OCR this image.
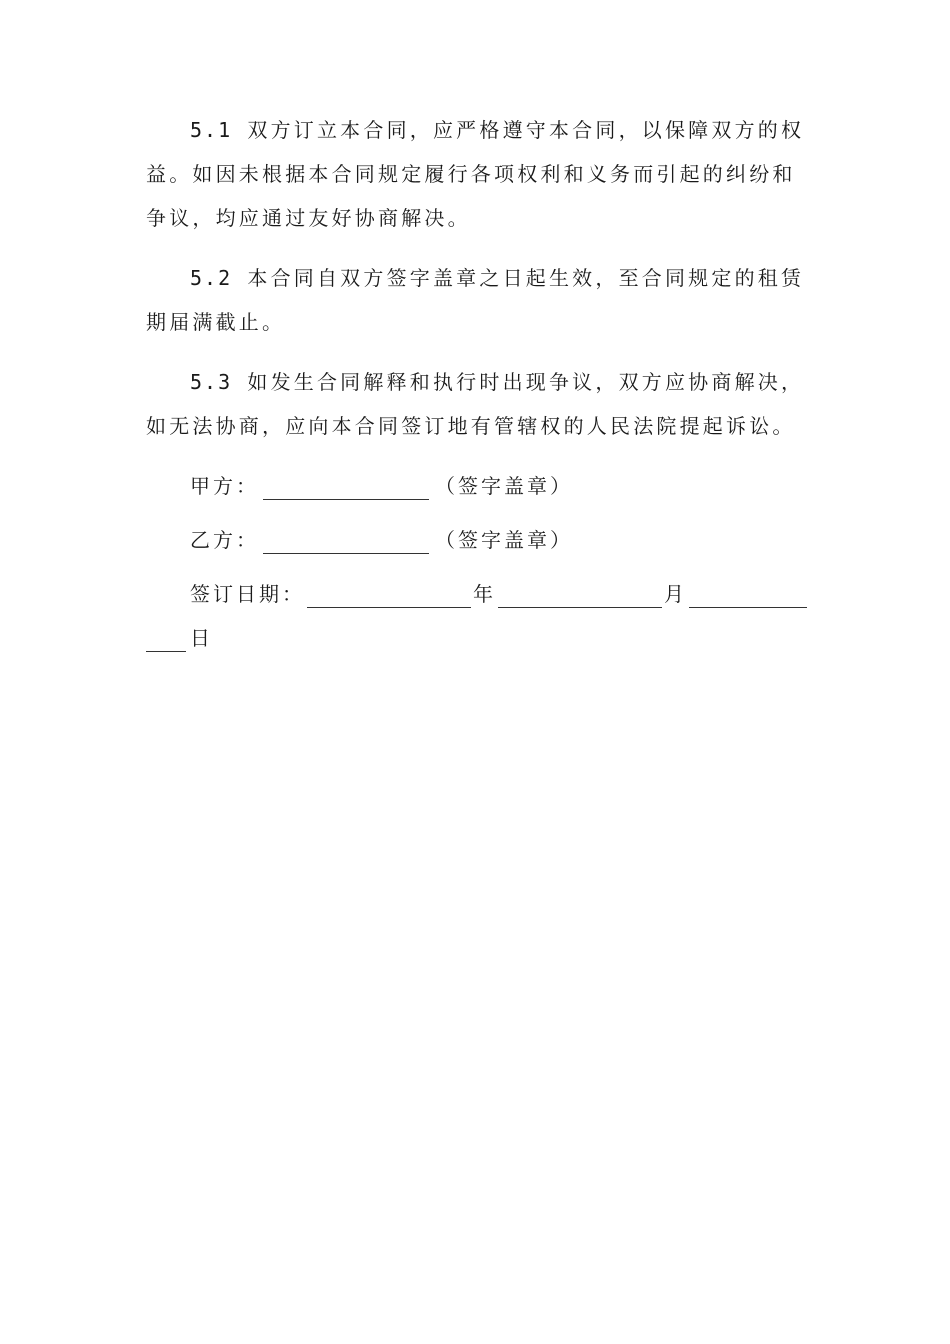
5.1 双方订立本合同，应严格遵守本合同，以保障双方的权益。如因未根据本合同规定履行各项权利和义务而引起的纠纷和争议，均应通过友好协商解决。

5.2 本合同自双方签字盖章之日起生效，至合同规定的租赁期届满截止。

5.3 如发生合同解释和执行时出现争议，双方应协商解决，如无法协商，应向本合同签订地有管辖权的人民法院提起诉讼。

甲方：	（签字盖章）
乙方：	（签字盖章）
签订日期：	年	月
日
